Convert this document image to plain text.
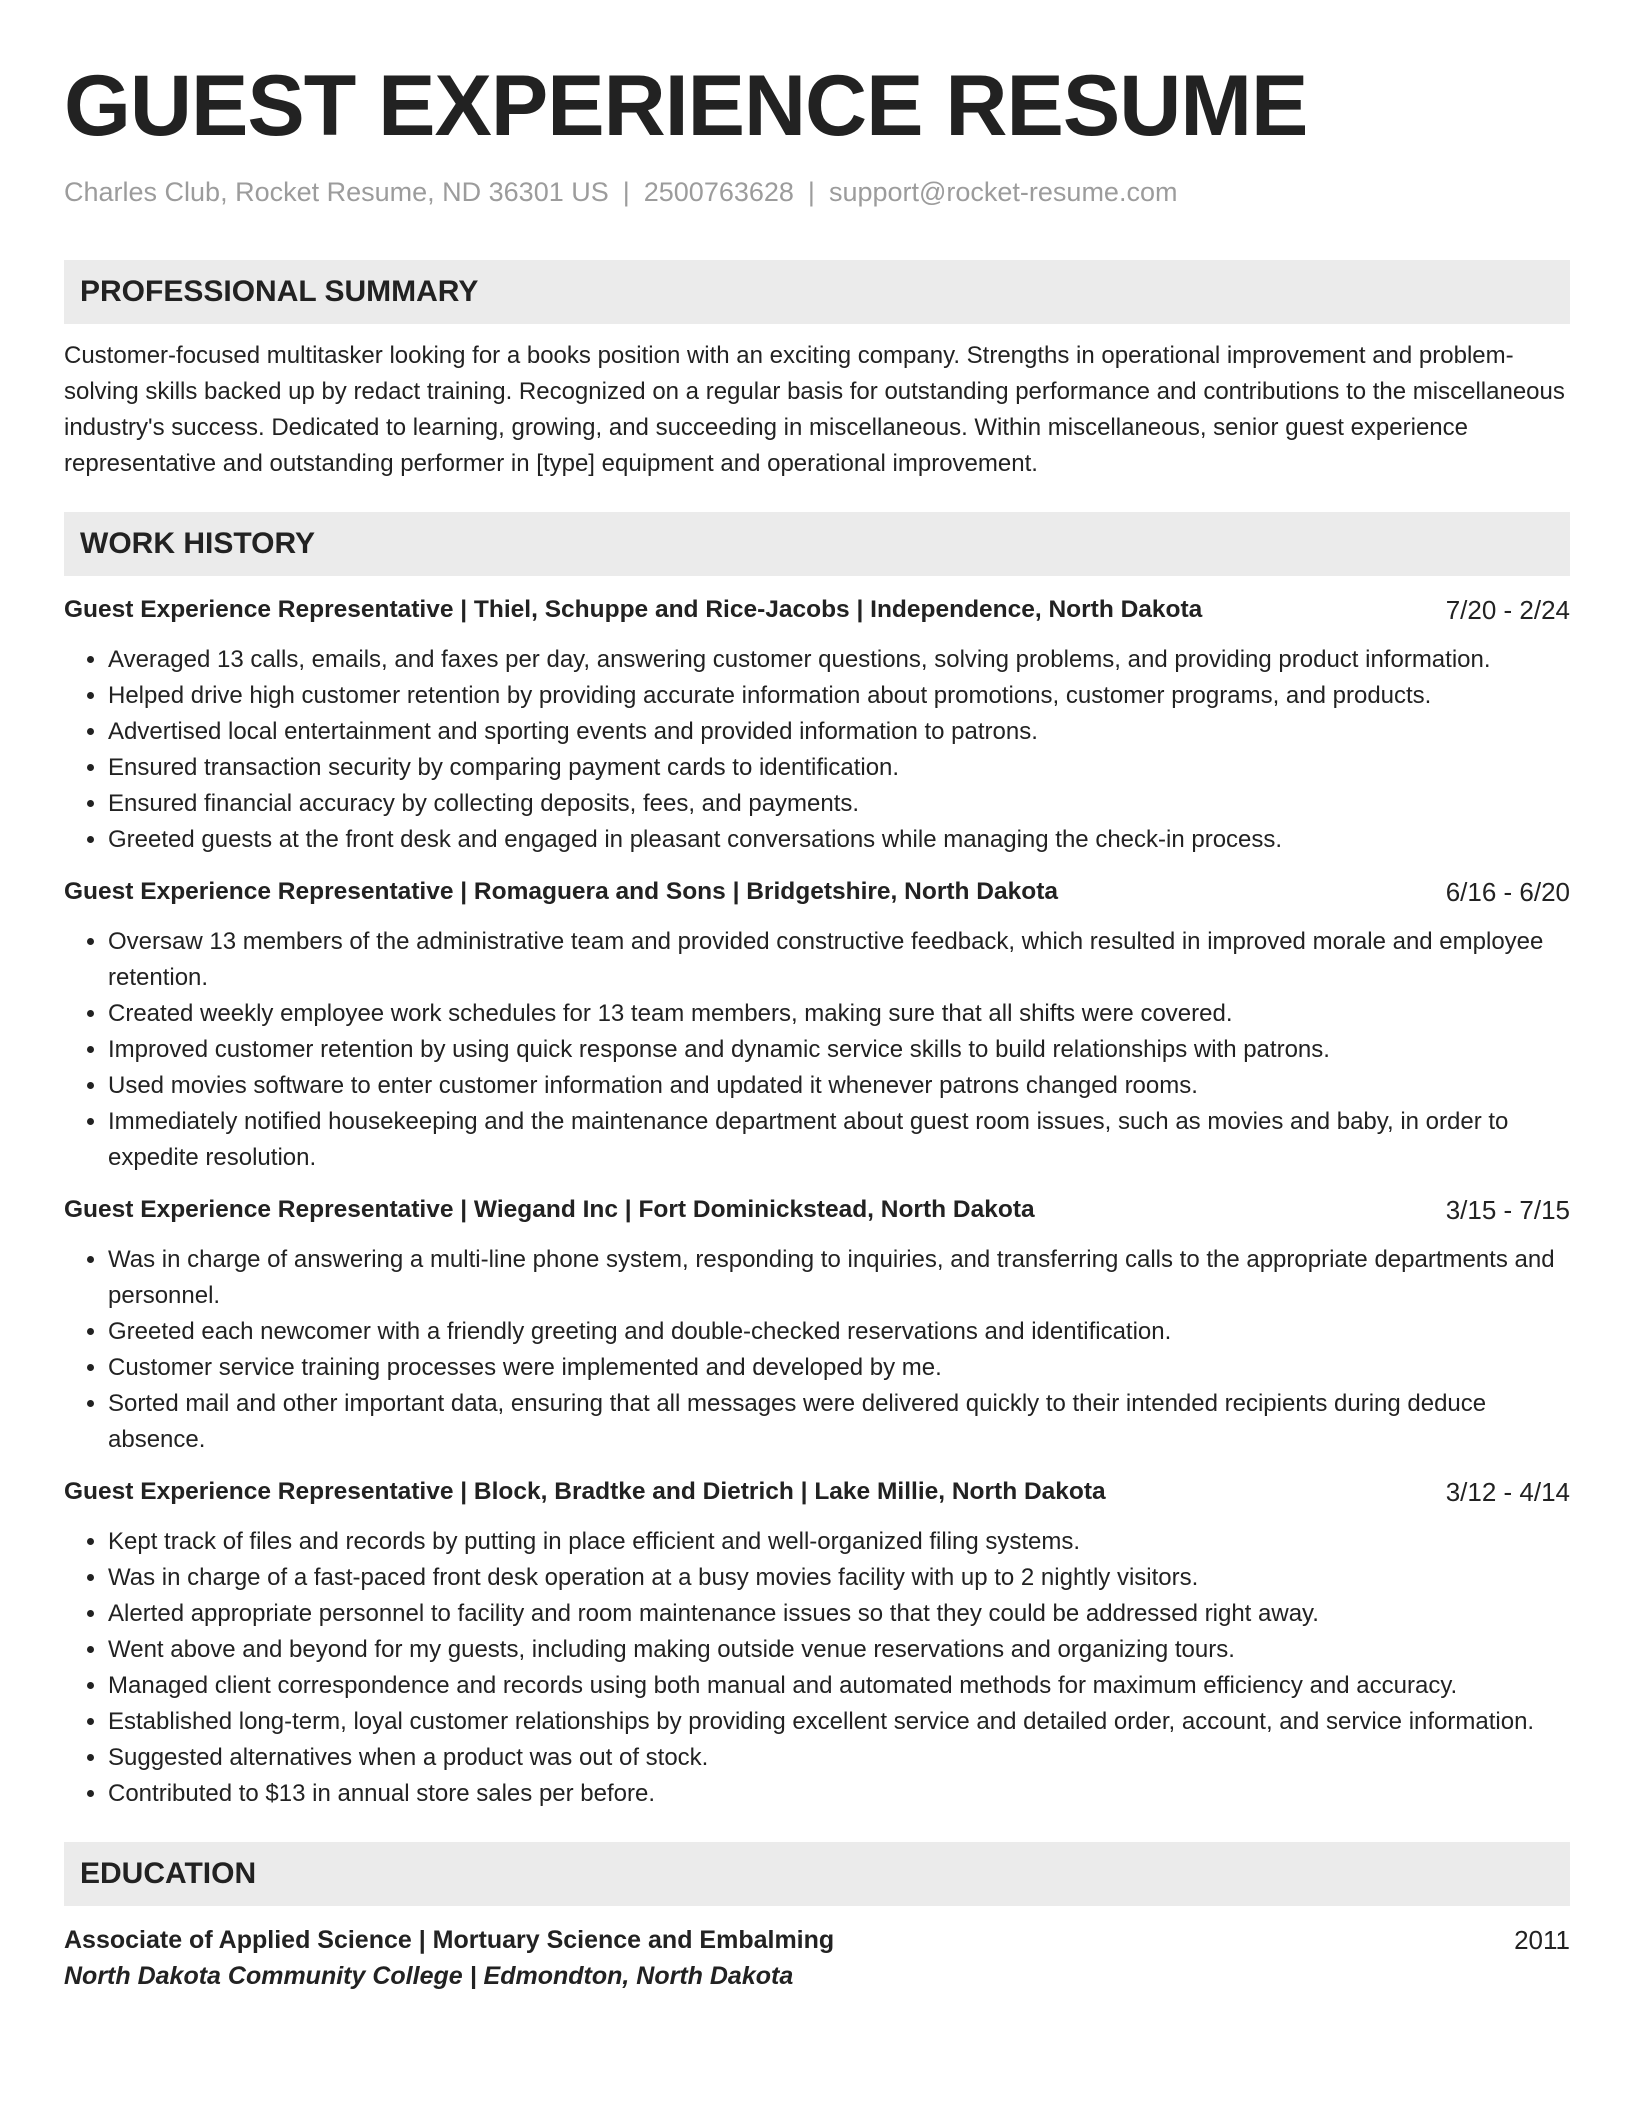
GUEST EXPERIENCE RESUME
Charles Club, Rocket Resume, ND 36301 US | 2500763628 | support@rocket-resume.com
PROFESSIONAL SUMMARY

Customer-focused multitasker looking for a books position with an exciting company. Strengths in operational improvement and problem-solving skills backed up by redact training. Recognized on a regular basis for outstanding performance and contributions to the miscellaneous industry's success. Dedicated to learning, growing, and succeeding in miscellaneous. Within miscellaneous, senior guest experience representative and outstanding performer in [type] equipment and operational improvement.

WORK HISTORY
Guest Experience Representative | Thiel, Schuppe and Rice-Jacobs | Independence, North Dakota	7/20 - 2/24
• Averaged 13 calls, emails, and faxes per day, answering customer questions, solving problems, and providing product information.
• Helped drive high customer retention by providing accurate information about promotions, customer programs, and products.
• Advertised local entertainment and sporting events and provided information to patrons.
• Ensured transaction security by comparing payment cards to identification.
• Ensured financial accuracy by collecting deposits, fees, and payments.
• Greeted guests at the front desk and engaged in pleasant conversations while managing the check-in process.
Guest Experience Representative | Romaguera and Sons | Bridgetshire, North Dakota	6/16 - 6/20
• Oversaw 13 members of the administrative team and provided constructive feedback, which resulted in improved morale and employee retention.
• Created weekly employee work schedules for 13 team members, making sure that all shifts were covered.
• Improved customer retention by using quick response and dynamic service skills to build relationships with patrons.
• Used movies software to enter customer information and updated it whenever patrons changed rooms.
• Immediately notified housekeeping and the maintenance department about guest room issues, such as movies and baby, in order to expedite resolution.
Guest Experience Representative | Wiegand Inc | Fort Dominickstead, North Dakota	3/15 - 7/15
• Was in charge of answering a multi-line phone system, responding to inquiries, and transferring calls to the appropriate departments and personnel.
• Greeted each newcomer with a friendly greeting and double-checked reservations and identification.
• Customer service training processes were implemented and developed by me.
• Sorted mail and other important data, ensuring that all messages were delivered quickly to their intended recipients during deduce absence.
Guest Experience Representative | Block, Bradtke and Dietrich | Lake Millie, North Dakota	3/12 - 4/14
• Kept track of files and records by putting in place efficient and well-organized filing systems.
• Was in charge of a fast-paced front desk operation at a busy movies facility with up to 2 nightly visitors.
• Alerted appropriate personnel to facility and room maintenance issues so that they could be addressed right away.
• Went above and beyond for my guests, including making outside venue reservations and organizing tours.
• Managed client correspondence and records using both manual and automated methods for maximum efficiency and accuracy.
• Established long-term, loyal customer relationships by providing excellent service and detailed order, account, and service information.
• Suggested alternatives when a product was out of stock.
• Contributed to $13 in annual store sales per before.
EDUCATION
Associate of Applied Science | Mortuary Science and Embalming	2011
North Dakota Community College | Edmondton, North Dakota
